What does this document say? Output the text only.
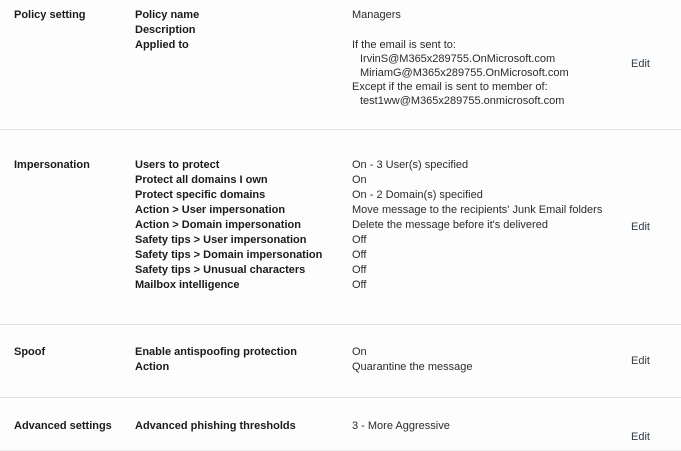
Policy setting	Policy name	Managers
Description
Applied to	If the email is sent to:
IrvinS@M365x289755.OnMicrosoft.com
MiriamG@M365x289755.OnMicrosoft.com
Except if the email is sent to member of:
test1ww@M365x289755.onmicrosoft.com
Edit
Impersonation	Users to protect	On - 3 User(s) specified
Protect all domains I own	On
Protect specific domains	On - 2 Domain(s) specified
Action > User impersonation	Move message to the recipients' Junk Email folders
Action > Domain impersonation	Delete the message before it's delivered
Safety tips > User impersonation	Off
Safety tips > Domain impersonation	Off
Safety tips > Unusual characters	Off
Mailbox intelligence	Off
Edit
Spoof	Enable antispoofing protection	On
Action	Quarantine the message
Edit
Advanced settings	Advanced phishing thresholds	3 - More Aggressive
Edit
